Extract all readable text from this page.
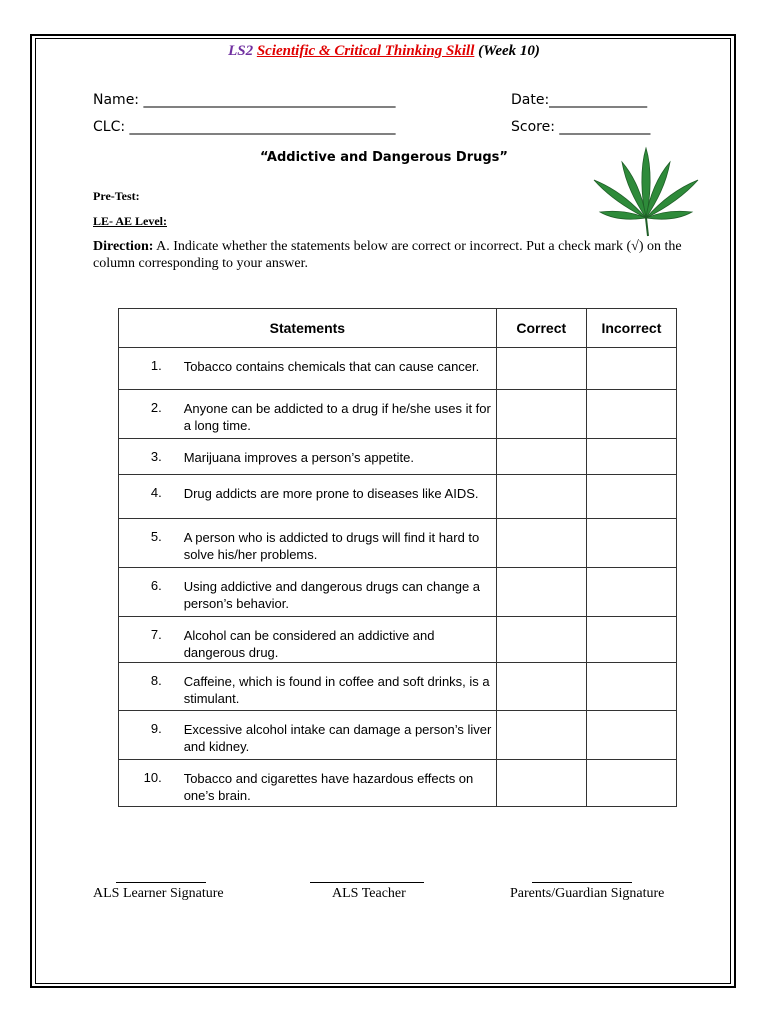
LS2 Scientific & Critical Thinking Skill (Week 10)
Name: ____________________________________	Date:______________
CLC: ______________________________________	Score: _____________
“Addictive and Dangerous Drugs”
Pre-Test:
LE- AE Level:
Direction: A. Indicate whether the statements below are correct or incorrect. Put a check mark (√) on the column corresponding to your answer.
Statements		Correct	Incorrect
1.	Tobacco contains chemicals that can cause cancer.		
2.	Anyone can be addicted to a drug if he/she uses it for a long time.		
3.	Marijuana improves a person’s appetite.		
4.	Drug addicts are more prone to diseases like AIDS.		
5.	A person who is addicted to drugs will find it hard to solve his/her problems.		
6.	Using addictive and dangerous drugs can change a person’s behavior.		
7.	Alcohol can be considered an addictive and dangerous drug.		
8.	Caffeine, which is found in coffee and soft drinks, is a stimulant.		
9.	Excessive alcohol intake can damage a person’s liver and kidney.		
10.	Tobacco and cigarettes have hazardous effects on one’s brain.		
ALS Learner Signature	ALS Teacher	Parents/Guardian Signature
